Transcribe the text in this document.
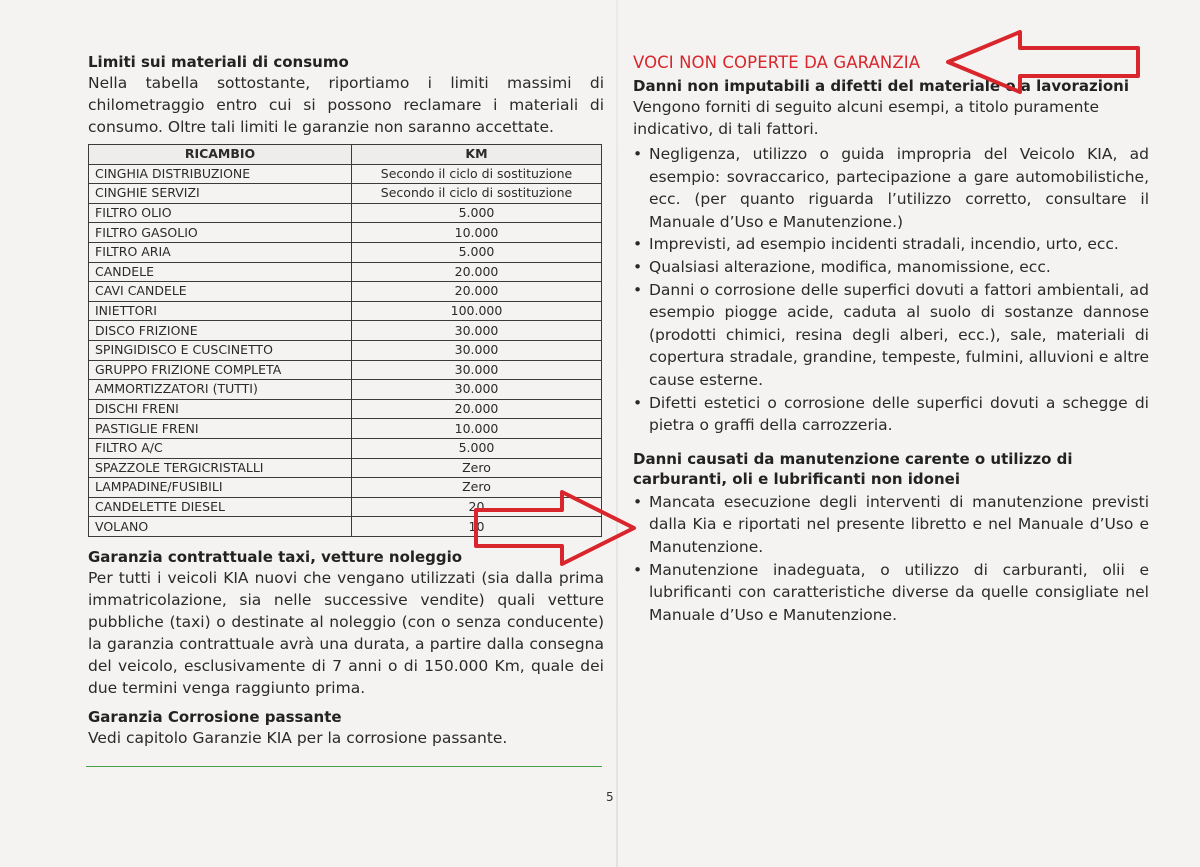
Limiti sui materiali di consumo

Nella tabella sottostante, riportiamo i limiti massimi di chilometraggio entro cui si possono reclamare i materiali di consumo. Oltre tali limiti le garanzie non saranno accettate.

RICAMBIO	KM
CINGHIA DISTRIBUZIONE	Secondo il ciclo di sostituzione
CINGHIE SERVIZI	Secondo il ciclo di sostituzione
FILTRO OLIO	5.000
FILTRO GASOLIO	10.000
FILTRO ARIA	5.000
CANDELE	20.000
CAVI CANDELE	20.000
INIETTORI	100.000
DISCO FRIZIONE	30.000
SPINGIDISCO E CUSCINETTO	30.000
GRUPPO FRIZIONE COMPLETA	30.000
AMMORTIZZATORI (TUTTI)	30.000
DISCHI FRENI	20.000
PASTIGLIE FRENI	10.000
FILTRO A/C	5.000
SPAZZOLE TERGICRISTALLI	Zero
LAMPADINE/FUSIBILI	Zero
CANDELETTE DIESEL	20
VOLANO	10
Garanzia contrattuale taxi, vetture noleggio

Per tutti i veicoli KIA nuovi che vengano utilizzati (sia dalla prima immatricolazione, sia nelle successive vendite) quali vetture pubbliche (taxi) o destinate al noleggio (con o senza conducente) la garanzia contrattuale avrà una durata, a partire dalla consegna del veicolo, esclusivamente di 7 anni o di 150.000 Km, quale dei due termini venga raggiunto prima.

Garanzia Corrosione passante

Vedi capitolo Garanzie KIA per la corrosione passante.

5
VOCI NON COPERTE DA GARANZIA
Danni non imputabili a difetti del materiale o a lavorazioni

Vengono forniti di seguito alcuni esempi, a titolo puramente indicativo, di tali fattori.

• Negligenza, utilizzo o guida impropria del Veicolo KIA, ad esempio: sovraccarico, partecipazione a gare automobilistiche, ecc. (per quanto riguarda l’utilizzo corretto, consultare il Manuale d’Uso e Manutenzione.)
• Imprevisti, ad esempio incidenti stradali, incendio, urto, ecc.
• Qualsiasi alterazione, modifica, manomissione, ecc.
• Danni o corrosione delle superfici dovuti a fattori ambientali, ad esempio piogge acide, caduta al suolo di sostanze dannose (prodotti chimici, resina degli alberi, ecc.), sale, materiali di copertura stradale, grandine, tempeste, fulmini, alluvioni e altre cause esterne.
• Difetti estetici o corrosione delle superfici dovuti a schegge di pietra o graffi della carrozzeria.
Danni causati da manutenzione carente o utilizzo di carburanti, oli e lubrificanti non idonei
• Mancata esecuzione degli interventi di manutenzione previsti dalla Kia e riportati nel presente libretto e nel Manuale d’Uso e Manutenzione.
• Manutenzione inadeguata, o utilizzo di carburanti, olii e lubrificanti con caratteristiche diverse da quelle consigliate nel Manuale d’Uso e Manutenzione.
